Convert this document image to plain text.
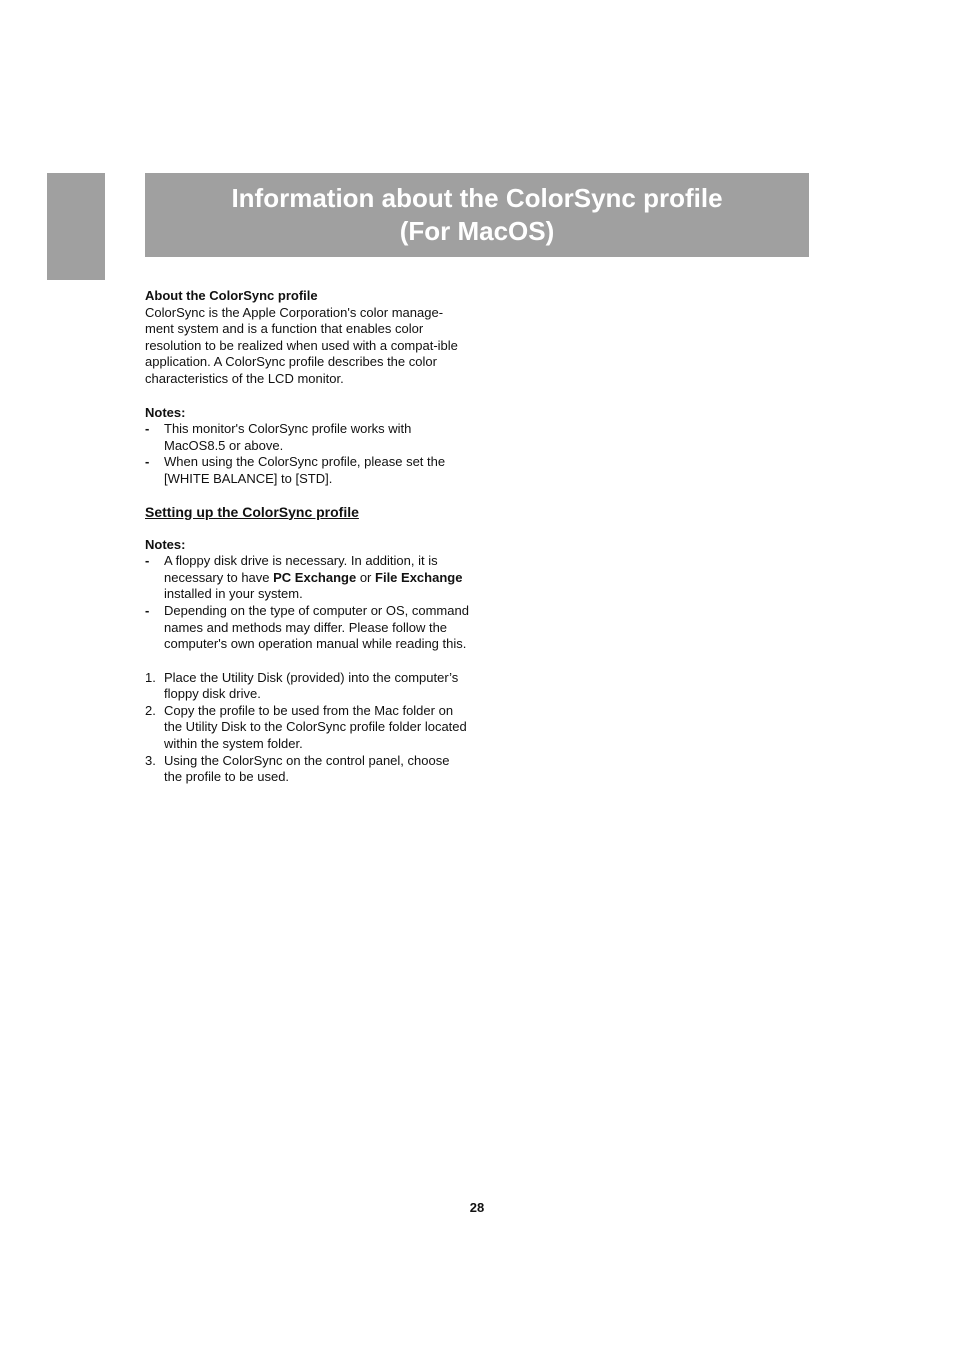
Information about the ColorSync profile
(For MacOS)

About the ColorSync profile

ColorSync is the Apple Corporation's color manage-ment system and is a function that enables color resolution to be realized when used with a compat-ible application. A ColorSync profile describes the color characteristics of the LCD monitor.

Notes:

-	This monitor's ColorSync profile works with MacOS8.5 or above.
-	When using the ColorSync profile, please set the [WHITE BALANCE] to [STD].

Setting up the ColorSync profile

Notes:

-	A floppy disk drive is necessary. In addition, it is necessary to have PC Exchange or File Exchange installed in your system.
-	Depending on the type of computer or OS, command names and methods may differ. Please follow the computer's own operation manual while reading this.
1. Place the Utility Disk (provided) into the computer’s floppy disk drive.
2. Copy the profile to be used from the Mac folder on the Utility Disk to the ColorSync profile folder located within the system folder.
3. Using the ColorSync on the control panel, choose the profile to be used.
28
